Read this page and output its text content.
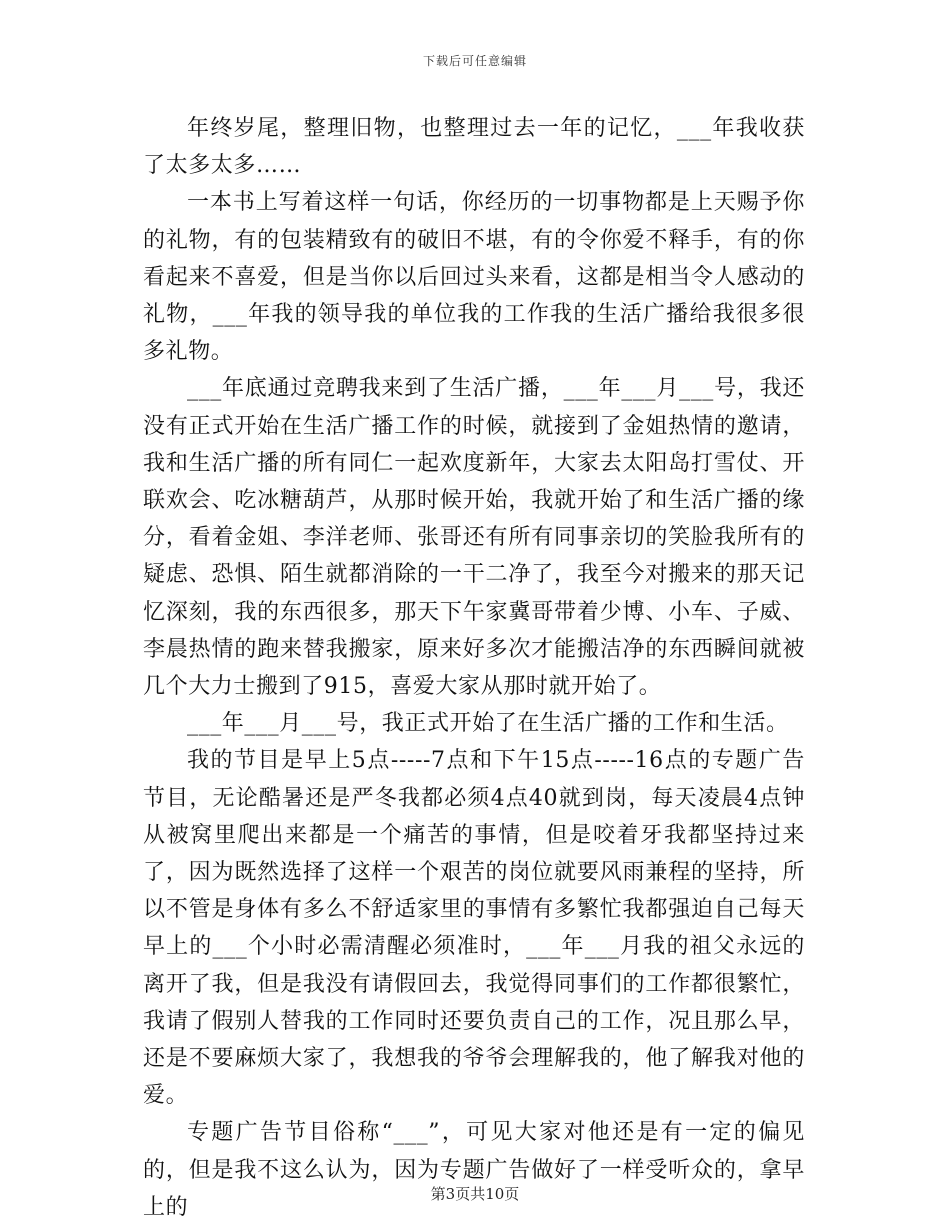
下载后可任意编辑

年终岁尾，整理旧物，也整理过去一年的记忆，___年我收获了太多太多……

一本书上写着这样一句话，你经历的一切事物都是上天赐予你的礼物，有的包装精致有的破旧不堪，有的令你爱不释手，有的你看起来不喜爱，但是当你以后回过头来看，这都是相当令人感动的礼物，___年我的领导我的单位我的工作我的生活广播给我很多很多礼物。

___年底通过竞聘我来到了生活广播，___年___月___号，我还没有正式开始在生活广播工作的时候，就接到了金姐热情的邀请，我和生活广播的所有同仁一起欢度新年，大家去太阳岛打雪仗、开联欢会、吃冰糖葫芦，从那时候开始，我就开始了和生活广播的缘分，看着金姐、李洋老师、张哥还有所有同事亲切的笑脸我所有的疑虑、恐惧、陌生就都消除的一干二净了，我至今对搬来的那天记忆深刻，我的东西很多，那天下午家冀哥带着少博、小车、子威、李晨热情的跑来替我搬家，原来好多次才能搬洁净的东西瞬间就被几个大力士搬到了915，喜爱大家从那时就开始了。

___年___月___号，我正式开始了在生活广播的工作和生活。

我的节目是早上5点-----7点和下午15点-----16点的专题广告节目，无论酷暑还是严冬我都必须4点40就到岗，每天凌晨4点钟从被窝里爬出来都是一个痛苦的事情，但是咬着牙我都坚持过来了，因为既然选择了这样一个艰苦的岗位就要风雨兼程的坚持，所以不管是身体有多么不舒适家里的事情有多繁忙我都强迫自己每天早上的___个小时必需清醒必须准时，___年___月我的祖父永远的离开了我，但是我没有请假回去，我觉得同事们的工作都很繁忙，我请了假别人替我的工作同时还要负责自己的工作，况且那么早，还是不要麻烦大家了，我想我的爷爷会理解我的，他了解我对他的爱。

专题广告节目俗称“___”，可见大家对他还是有一定的偏见的，但是我不这么认为，因为专题广告做好了一样受听众的，拿早上的

第3页共10页
